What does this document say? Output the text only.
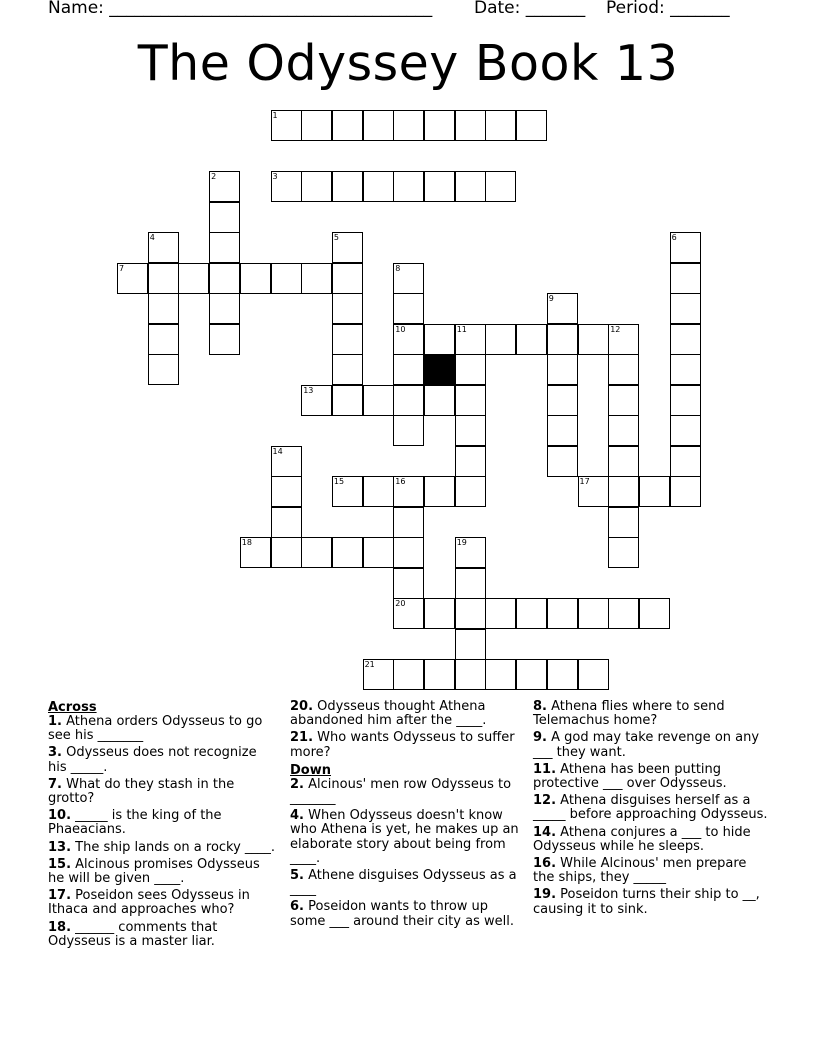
Name: ______________________________________ Date: _______ Period: _______
The Odyssey Book 13
1
3
7
10	11	12
13
15	16	17
18
20
21
2
4	5	6
8
9
14
19
Across
1. Athena orders Odysseus to go see his _______
3. Odysseus does not recognize his _____.
7. What do they stash in the grotto?
10. _____ is the king of the Phaeacians.
13. The ship lands on a rocky ____.
15. Alcinous promises Odysseus he will be given ____.
17. Poseidon sees Odysseus in Ithaca and approaches who?
18. ______ comments that Odysseus is a master liar.
20. Odysseus thought Athena abandoned him after the ____.
21. Who wants Odysseus to suffer more?
Down
2. Alcinous' men row Odysseus to _______
4. When Odysseus doesn't know who Athena is yet, he makes up an elaborate story about being from ____.
5. Athene disguises Odysseus as a ____
6. Poseidon wants to throw up some ___ around their city as well.
8. Athena flies where to send Telemachus home?
9. A god may take revenge on any ___ they want.
11. Athena has been putting protective ___ over Odysseus.
12. Athena disguises herself as a _____ before approaching Odysseus.
14. Athena conjures a ___ to hide Odysseus while he sleeps.
16. While Alcinous' men prepare the ships, they _____
19. Poseidon turns their ship to __, causing it to sink.
